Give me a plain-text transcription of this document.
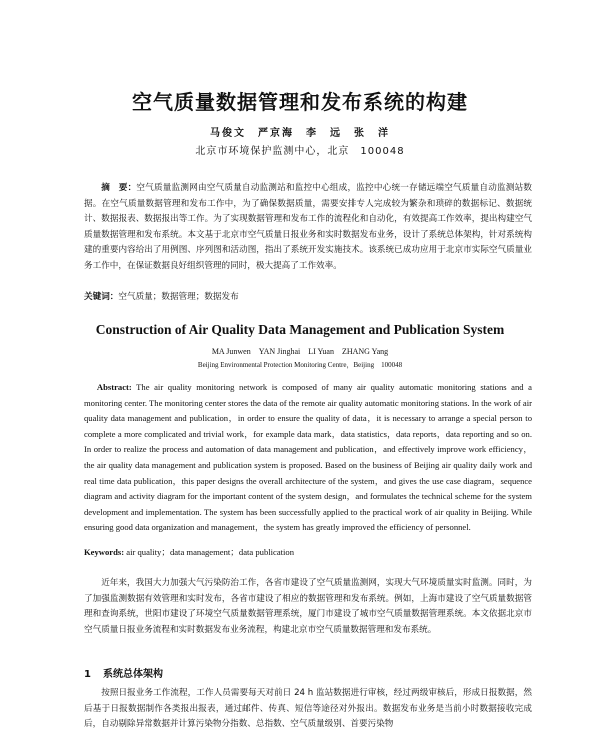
空气质量数据管理和发布系统的构建
马俊文　严京海　李　远　张　洋
北京市环境保护监测中心，北京　100048
摘　要：空气质量监测网由空气质量自动监测站和监控中心组成，监控中心统一存储远端空气质量自动监测站数据。在空气质量数据管理和发布工作中，为了确保数据质量，需要安排专人完成较为繁杂和琐碎的数据标记、数据统计、数据报表、数据报出等工作。为了实现数据管理和发布工作的流程化和自动化，有效提高工作效率，提出构建空气质量数据管理和发布系统。本文基于北京市空气质量日报业务和实时数据发布业务，设计了系统总体架构，针对系统构建的重要内容给出了用例图、序列图和活动图，指出了系统开发实施技术。该系统已成功应用于北京市实际空气质量业务工作中，在保证数据良好组织管理的同时，极大提高了工作效率。
关键词：空气质量；数据管理；数据发布
Construction of Air Quality Data Management and Publication System
MA Junwen　YAN Jinghai　LI Yuan　ZHANG Yang
Beijing Environmental Protection Monitoring Centre，Beijing　100048
Abstract: The air quality monitoring network is composed of many air quality automatic monitoring stations and a monitoring center. The monitoring center stores the data of the remote air quality automatic monitoring stations. In the work of air quality data management and publication，in order to ensure the quality of data，it is necessary to arrange a special person to complete a more complicated and trivial work，for example data mark，data statistics，data reports，data reporting and so on. In order to realize the process and automation of data management and publication，and effectively improve work efficiency，the air quality data management and publication system is proposed. Based on the business of Beijing air quality daily work and real time data publication，this paper designs the overall architecture of the system，and gives the use case diagram，sequence diagram and activity diagram for the important content of the system design，and formulates the technical scheme for the system development and implementation. The system has been successfully applied to the practical work of air quality in Beijing. While ensuring good data organization and management，the system has greatly improved the efficiency of personnel.
Keywords: air quality；data management；data publication
近年来，我国大力加强大气污染防治工作，各省市建设了空气质量监测网，实现大气环境质量实时监测。同时，为了加强监测数据有效管理和实时发布，各省市建设了相应的数据管理和发布系统。例如，上海市建设了空气质量数据管理和查询系统，世阳市建设了环境空气质量数据管理系统，厦门市建设了城市空气质量数据管理系统。本文依据北京市空气质量日报业务流程和实时数据发布业务流程，构建北京市空气质量数据管理和发布系统。
1 系统总体架构
按照日报业务工作流程，工作人员需要每天对前日 24 h 监站数据进行审核，经过两级审核后，形成日报数据，然后基于日报数据制作各类报出报表，通过邮件、传真、短信等途径对外报出。数据发布业务是当前小时数据接收完成后，自动剔除异常数据并计算污染物分指数、总指数、空气质量级别、首要污染物
